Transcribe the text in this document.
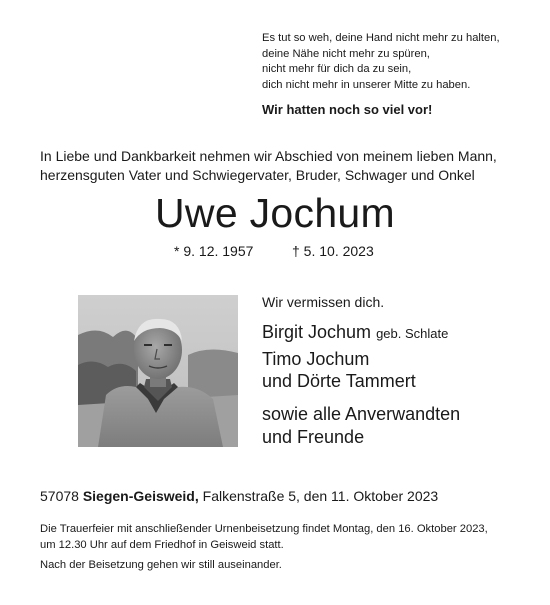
Es tut so weh, deine Hand nicht mehr zu halten,
deine Nähe nicht mehr zu spüren,
nicht mehr für dich da zu sein,
dich nicht mehr in unserer Mitte zu haben.
Wir hatten noch so viel vor!
In Liebe und Dankbarkeit nehmen wir Abschied von meinem lieben Mann,
herzensguten Vater und Schwiegervater, Bruder, Schwager und Onkel
Uwe Jochum
* 9. 12. 1957	† 5. 10. 2023
Wir vermissen dich.
Birgit Jochum geb. Schlate
Timo Jochum
und Dörte Tammert
sowie alle Anverwandten
und Freunde
57078 Siegen-Geisweid, Falkenstraße 5, den 11. Oktober 2023
Die Trauerfeier mit anschließender Urnenbeisetzung findet Montag, den 16. Oktober 2023,
um 12.30 Uhr auf dem Friedhof in Geisweid statt.
Nach der Beisetzung gehen wir still auseinander.
